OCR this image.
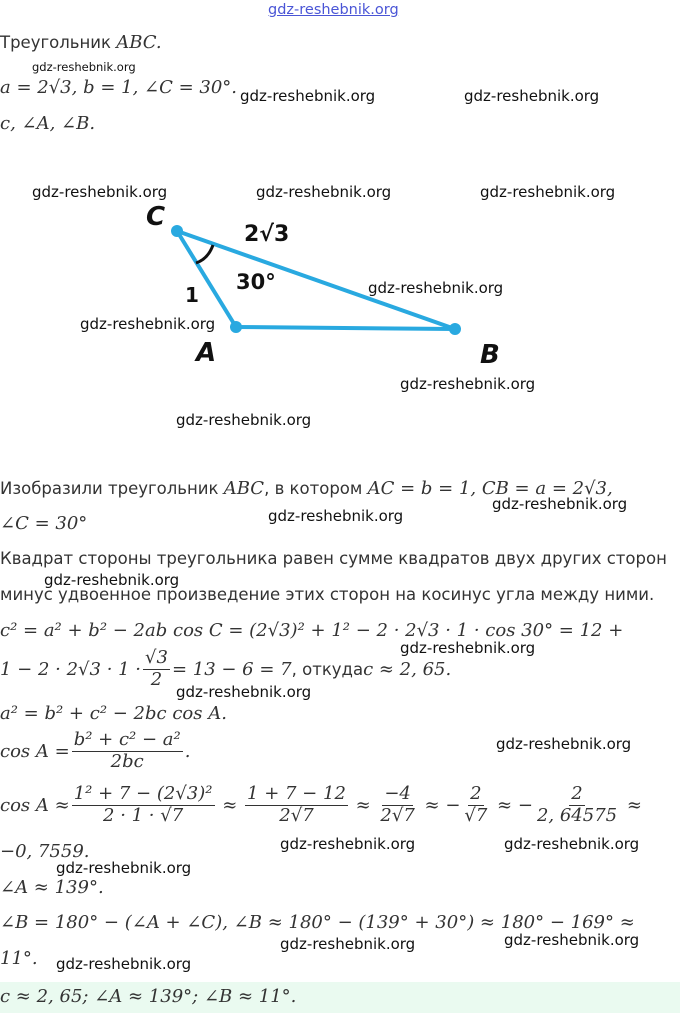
gdz-reshebnik.org
Треугольник ABC.
gdz-reshebnik.org
a = 2√3, b = 1, ∠C = 30°. gdz-reshebnik.org	gdz-reshebnik.org
c, ∠A, ∠B.
gdz-reshebnik.org	gdz-reshebnik.org	gdz-reshebnik.org
C
A	B
2√3
1
30°	gdz-reshebnik.org
gdz-reshebnik.org
gdz-reshebnik.org
gdz-reshebnik.org
Изобразили треугольник ABC, в котором AC = b = 1, CB = a = 2√3,
gdz-reshebnik.org
∠C = 30°	gdz-reshebnik.org
Квадрат стороны треугольника равен сумме квадратов двух других сторон
gdz-reshebnik.org
минус удвоенное произведение этих сторон на косинус угла между ними.
c² = a² + b² − 2ab cos C = (2√3)² + 1² − 2 · 2√3 · 1 · cos 30° = 12 +
gdz-reshebnik.org
$1 - 2 \cdot 2√3 \cdot 1 \cdot \frac{√3}{2} = 13 - 6 = 7$ , откуда c ≈ 2, 65.
gdz-reshebnik.org
a² = b² + c² − 2bc cos A.
$\cos A = \frac{\text{b² + c² − a²}}{2bc}$ .	gdz-reshebnik.org
$\cos A \approx \frac{\text{1² + 7 − (2√3)²}}{2 \cdot 1 \cdot √7} \approx \frac{1 + 7 - 12}{2√7} \approx \frac{-4}{2√7}$ ≈ − $\frac{2}{√7}$ ≈ − $\frac{2}{2, 64575}$ ≈
−0, 7559.	gdz-reshebnik.org	gdz-reshebnik.org
gdz-reshebnik.org
∠A ≈ 139°.
∠B = 180° − (∠A + ∠C), ∠B ≈ 180° − (139° + 30°) ≈ 180° − 169° ≈
gdz-reshebnik.org	gdz-reshebnik.org
11°. gdz-reshebnik.org
c ≈ 2, 65; ∠A ≈ 139°; ∠B ≈ 11°.
